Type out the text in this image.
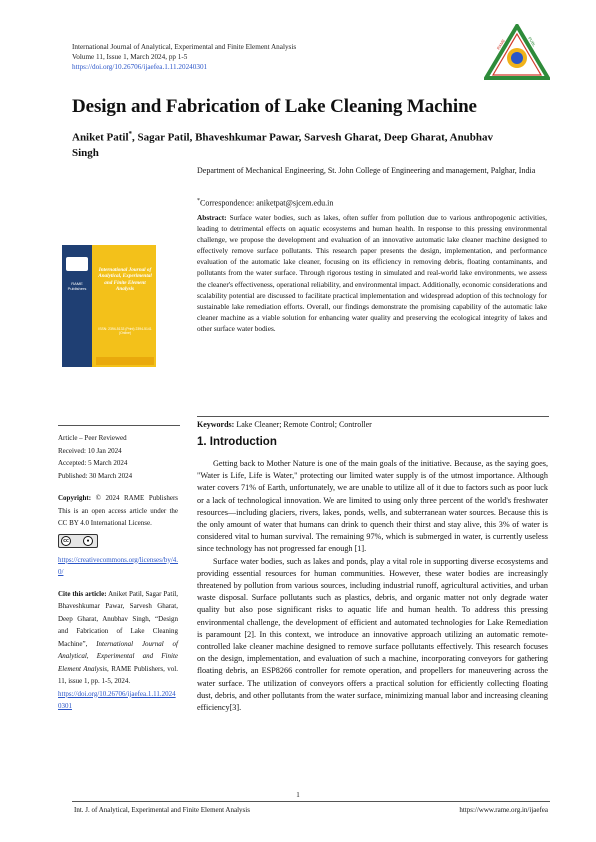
International Journal of Analytical, Experimental and Finite Element Analysis
Volume 11, Issue 1, March 2024, pp 1-5
https://doi.org/10.26706/ijaefea.1.11.20240301
RAME	PUBL
Design and Fabrication of Lake Cleaning Machine
Aniket Patil*, Sagar Patil, Bhaveshkumar Pawar, Sarvesh Gharat, Deep Gharat, Anubhav
Singh
Department of Mechanical Engineering, St. John College of Engineering and management, Palghar, India
*Correspondence: aniketpat@sjcem.edu.in
Abstract: Surface water bodies, such as lakes, often suffer from pollution due to various anthropogenic activities, leading to detrimental effects on aquatic ecosystems and human health. In response to this pressing environmental challenge, we propose the development and evaluation of an innovative automatic lake cleaner machine designed to effectively remove surface pollutants. This research paper presents the design, implementation, and performance evaluation of the automatic lake cleaner, focusing on its efficiency in removing debris, floating contaminants, and pollutants from the water surface. Through rigorous testing in simulated and real-world lake environments, we assess the cleaner's effectiveness, operational reliability, and environmental impact. Additionally, economic considerations and scalability potential are discussed to facilitate practical implementation and widespread adoption of this technology for sustainable lake remediation efforts. Overall, our findings demonstrate the promising capability of the automatic lake cleaner machine as a viable solution for enhancing water quality and preserving the ecological integrity of lakes and other surface water bodies.
RAME Publishers
International Journal of Analytical, Experimental and Finite Element Analysis
ISSN: 2394-5133 (Print) 2394-5141 (Online)
Article – Peer Reviewed
Received: 10 Jan 2024
Accepted: 5 March 2024
Published: 30 March 2024
Copyright: © 2024 RAME Publishers This is an open access article under the CC BY 4.0 International License.
cc	●
https://creativecommons.org/licenses/by/4.0/
Cite this article: Aniket Patil, Sagar Patil, Bhaveshkumar Pawar, Sarvesh Gharat, Deep Gharat, Anubhav Singh, “Design and Fabrication of Lake Cleaning Machine”, International Journal of Analytical, Experimental and Finite Element Analysis, RAME Publishers, vol. 11, issue 1, pp. 1-5, 2024.
https://doi.org/10.26706/ijaefea.1.11.20240301
Keywords: Lake Cleaner; Remote Control; Controller
1. Introduction

Getting back to Mother Nature is one of the main goals of the initiative. Because, as the saying goes, "Water is Life, Life is Water," protecting our limited water supply is of the utmost importance. Although water covers 71% of Earth, unfortunately, we are unable to utilize all of it due to factors such as poor luck or a lack of technological innovation. We are limited to using only three percent of the world's freshwater resources—including glaciers, rivers, lakes, ponds, wells, and subterranean water sources. Because this is the only amount of water that humans can drink to quench their thirst and stay alive, this 3% of water is considered vital to human survival. The remaining 97%, which is submerged in water, is currently useless since technology has not progressed far enough [1].

Surface water bodies, such as lakes and ponds, play a vital role in supporting diverse ecosystems and providing essential resources for human communities. However, these water bodies are increasingly threatened by pollution from various sources, including industrial runoff, agricultural activities, and urban waste disposal. Surface pollutants such as plastics, debris, and organic matter not only degrade water quality but also pose significant risks to aquatic life and human health. To address this pressing environmental challenge, the development of efficient and automated technologies for Lake Remediation is paramount [2]. In this context, we introduce an innovative approach utilizing an automatic remote-controlled lake cleaner machine designed to remove surface pollutants effectively. This research focuses on the design, implementation, and evaluation of such a machine, incorporating conveyors for gathering floating debris, an ESP8266 controller for remote operation, and propellers for maneuvering across the water surface. The utilization of conveyors offers a practical solution for efficiently collecting floating dust, debris, and other pollutants from the water surface, minimizing manual labor and increasing cleaning efficiency[3].

1
Int. J. of Analytical, Experimental and Finite Element Analysis	https://www.rame.org.in/ijaefea
